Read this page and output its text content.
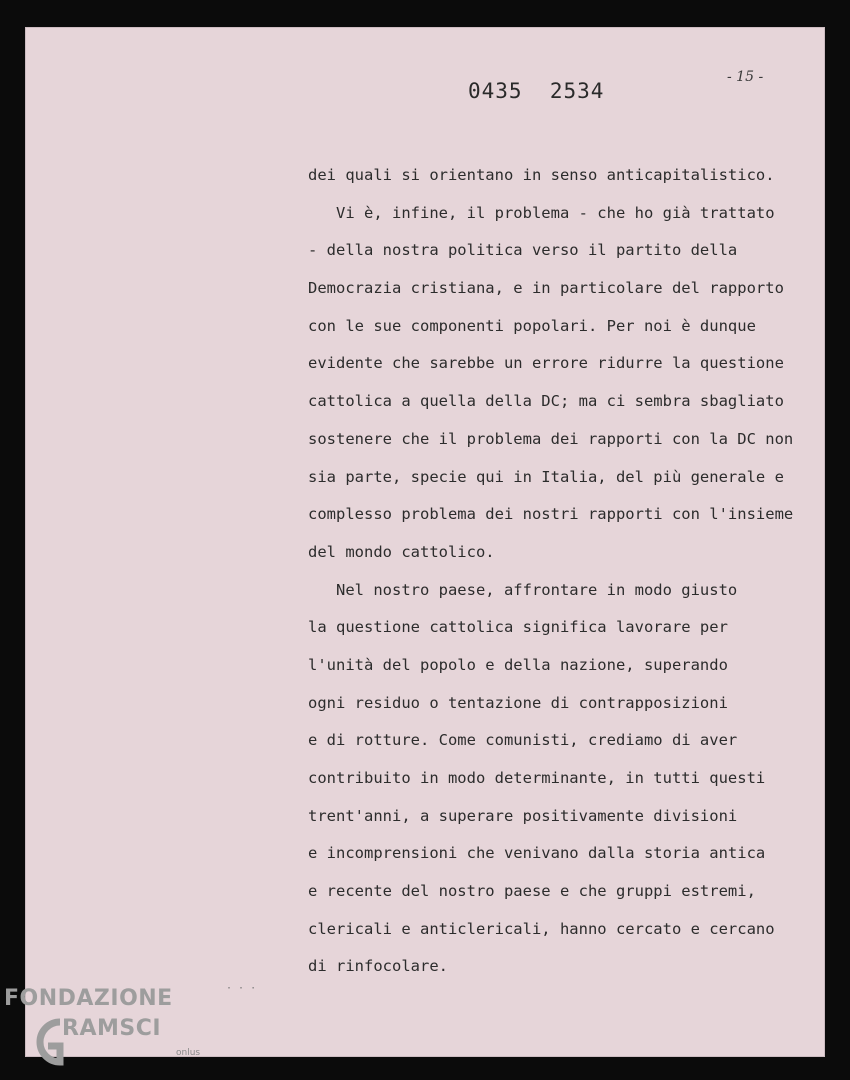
0435  2534
- 15 -
dei quali si orientano in senso anticapitalistico.
Vi è, infine, il problema - che ho già trattato
- della nostra politica verso il partito della
Democrazia cristiana, e in particolare del rapporto
con le sue componenti popolari. Per noi è dunque
evidente che sarebbe un errore ridurre la questione
cattolica a quella della DC; ma ci sembra sbagliato
sostenere che il problema dei rapporti con la DC non
sia parte, specie qui in Italia, del più generale e
complesso problema dei nostri rapporti con l'insieme
del mondo cattolico.
Nel nostro paese, affrontare in modo giusto
la questione cattolica significa lavorare per
l'unità del popolo e della nazione, superando
ogni residuo o tentazione di contrapposizioni
e di rotture. Come comunisti, crediamo di aver
contribuito in modo determinante, in tutti questi
trent'anni, a superare positivamente divisioni
e incomprensioni che venivano dalla storia antica
e recente del nostro paese e che gruppi estremi,
clericali e anticlericali, hanno cercato e cercano
di rinfocolare.
· · ·
FONDAZIONE
RAMSCI
onlus
